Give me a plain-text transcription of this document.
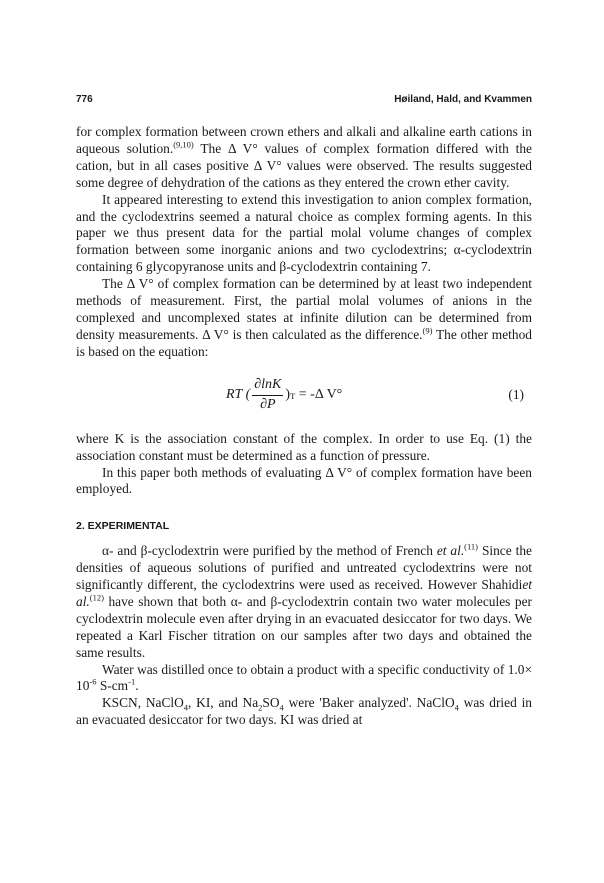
776	Høiland, Hald, and Kvammen

for complex formation between crown ethers and alkali and alkaline earth cations in aqueous solution.$^{(9,10)}$ The Δ V° values of complex formation differed with the cation, but in all cases positive Δ V° values were observed. The results suggested some degree of dehydration of the cations as they entered the crown ether cavity.

It appeared interesting to extend this investigation to anion complex formation, and the cyclodextrins seemed a natural choice as complex forming agents. In this paper we thus present data for the partial molal volume changes of complex formation between some inorganic anions and two cyclodextrins; α-cyclodextrin containing 6 glycopyranose units and β-cyclodextrin containing 7.

The Δ V° of complex formation can be determined by at least two independent methods of measurement. First, the partial molal volumes of anions in the complexed and uncomplexed states at infinite dilution can be determined from density measurements. Δ V° is then calculated as the difference.$^{(9)}$ The other method is based on the equation:

RT ( $\frac{\partial\ln K}{\partial P}$ ) T = -Δ V°	(1)

where K is the association constant of the complex. In order to use Eq. (1) the association constant must be determined as a function of pressure.

In this paper both methods of evaluating Δ V° of complex formation have been employed.

2. EXPERIMENTAL

α- and β-cyclodextrin were purified by the method of French et al.$^{(11)}$ Since the densities of aqueous solutions of purified and untreated cyclodextrins were not significantly different, the cyclodextrins were used as received. However Shahidiet al.$^{(12)}$ have shown that both α- and β-cyclodextrin contain two water molecules per cyclodextrin molecule even after drying in an evacuated desiccator for two days. We repeated a Karl Fischer titration on our samples after two days and obtained the same results.

Water was distilled once to obtain a product with a specific conductivity of $1.0\times 10^{-6}$ $S-cm^{-1}$.

KSCN, NaClO$_4$, KI, and $Na_2SO_4$ were 'Baker analyzed'. NaClO$_4$ was dried in an evacuated desiccator for two days. KI was dried at
